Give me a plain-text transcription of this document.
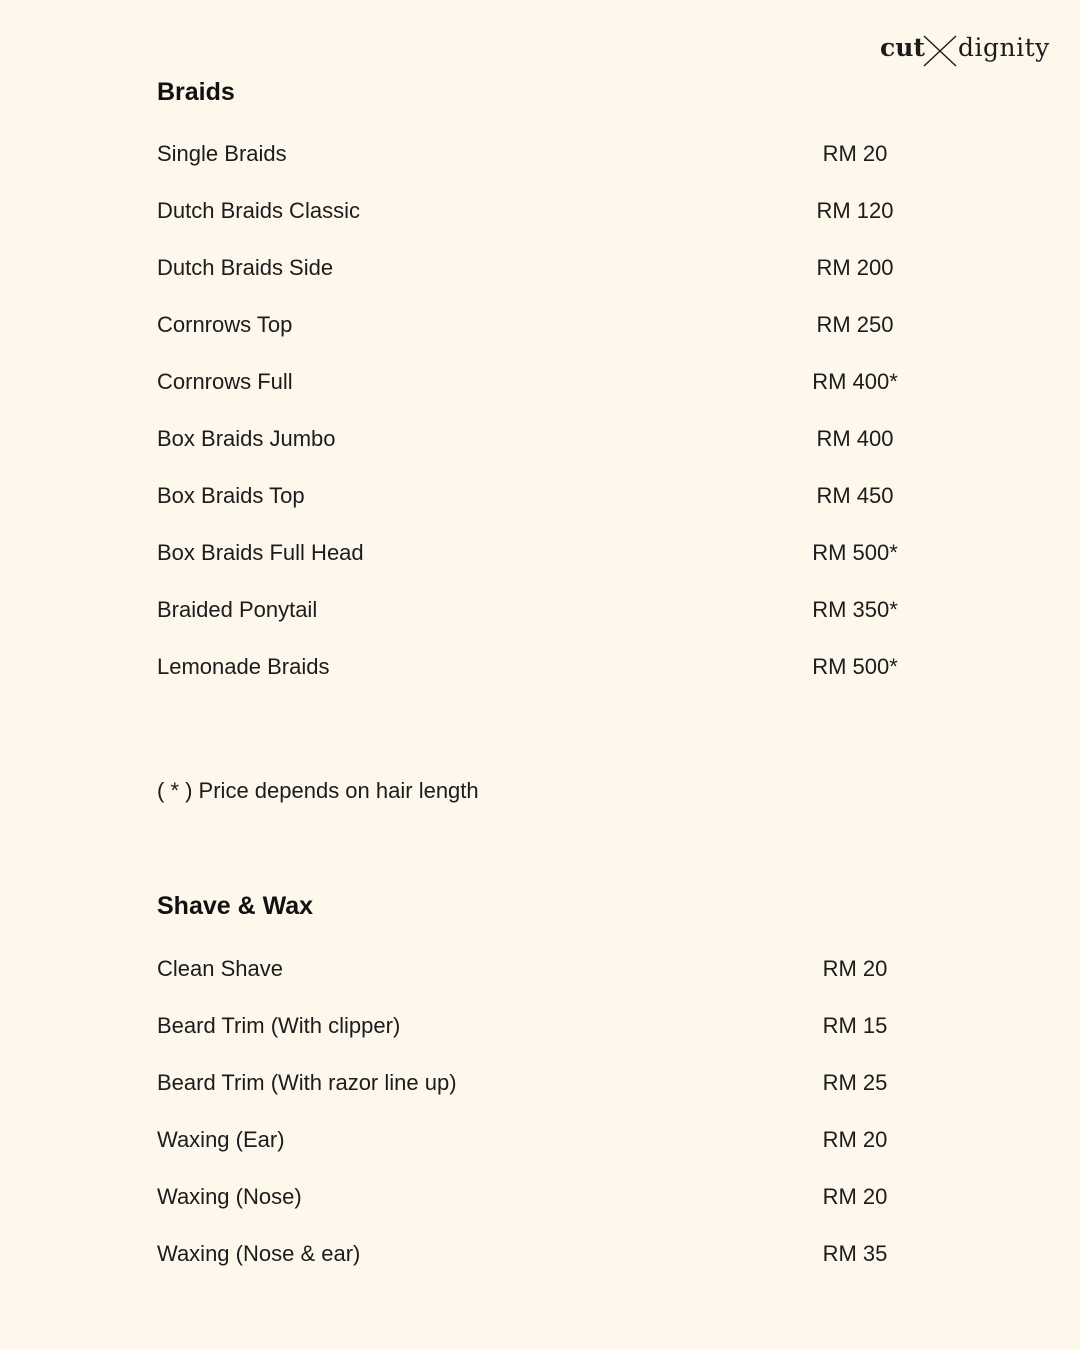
cut dignity
Braids
Single Braids	RM 20
Dutch Braids Classic	RM 120
Dutch Braids Side	RM 200
Cornrows Top	RM 250
Cornrows Full	RM 400*
Box Braids Jumbo	RM 400
Box Braids Top	RM 450
Box Braids Full Head	RM 500*
Braided Ponytail	RM 350*
Lemonade Braids	RM 500*

( * ) Price depends on hair length

Shave & Wax
Clean Shave	RM 20
Beard Trim (With clipper)	RM 15
Beard Trim (With razor line up)	RM 25
Waxing (Ear)	RM 20
Waxing (Nose)	RM 20
Waxing (Nose & ear)	RM 35
